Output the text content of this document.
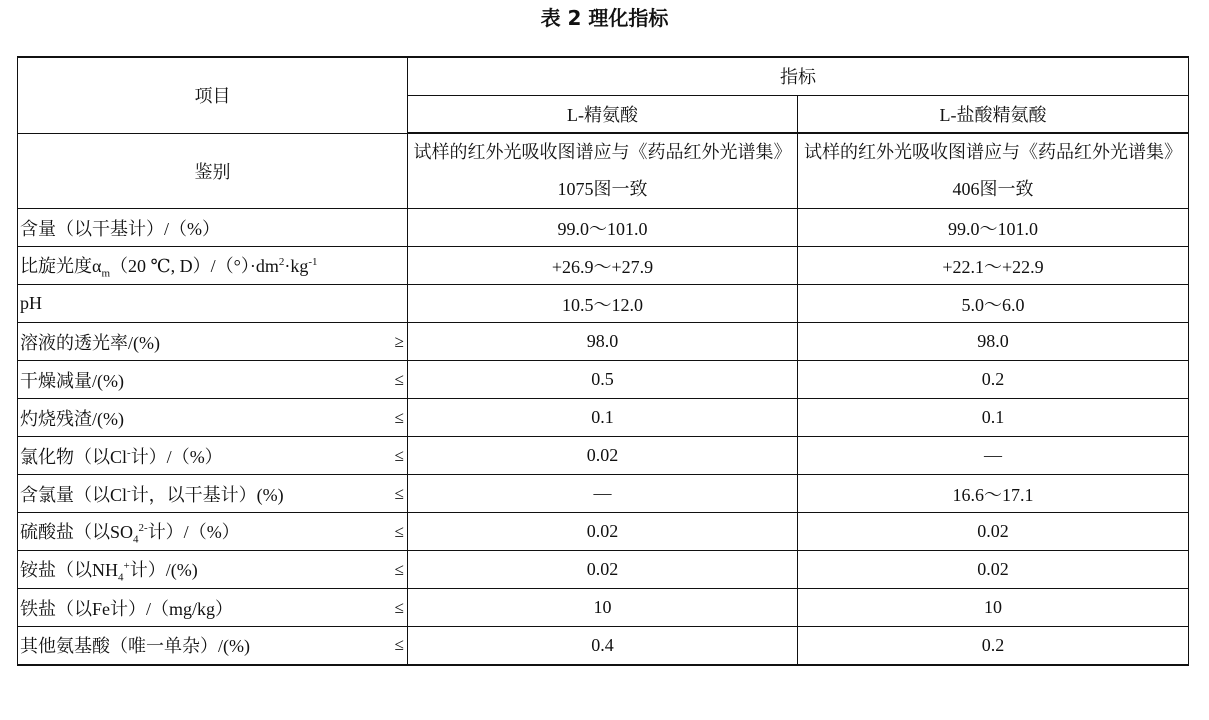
表 2 理化指标
项目	指标	
	L-精氨酸	L-盐酸精氨酸
鉴别	试样的红外光吸收图谱应与《药品红外光谱集》1075图一致	试样的红外光吸收图谱应与《药品红外光谱集》406图一致
含量（以干基计）/（%）	99.0～101.0	99.0～101.0
比旋光度$\alpha_m(20$ ℃, $D)/(^\circ)\cdot dm^2\cdot kg^{-1}$	+26.9～+27.9	+22.1～+22.9
pH	10.5～12.0	5.0～6.0
溶液的透光率/(%) ≥	98.0	98.0
干燥减量/(%) ≤	0.5	0.2
灼烧残渣/(%) ≤	0.1	0.1
氯化物（以Cl-计）/（%） ≤	0.02	—
含氯量（以Cl-计，以干基计）(%) ≤	—	16.6～17.1
硫酸盐（以$SO_4^{2-}$计）/（%） ≤	0.02	0.02
铵盐（以$NH_4^+$计）/(%) ≤	0.02	0.02
铁盐（以Fe计）/（mg/kg） ≤	10	10
其他氨基酸（唯一单杂）/(%) ≤	0.4	0.2
